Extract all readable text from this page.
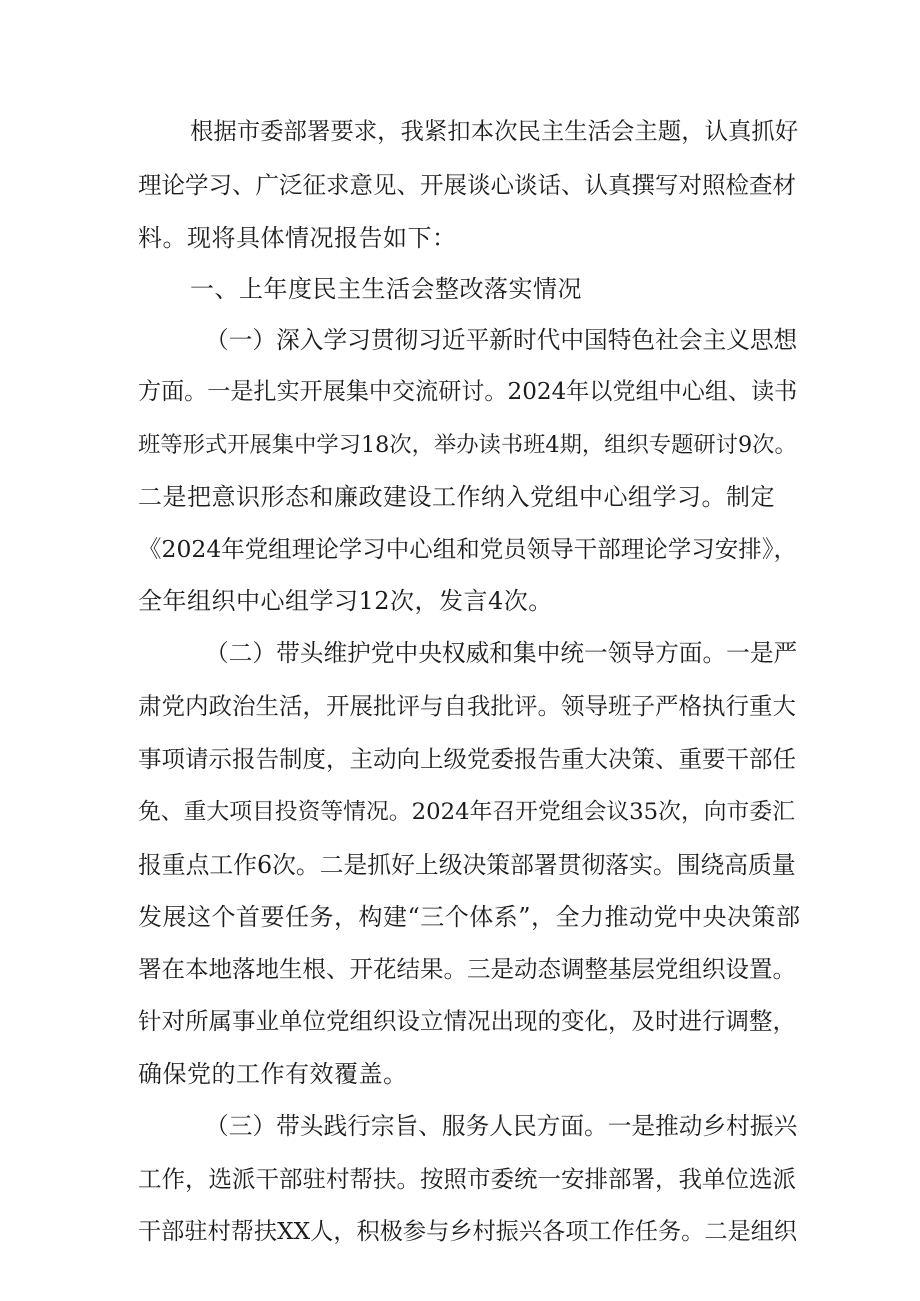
根据市委部署要求，我紧扣本次民主生活会主题，认真抓好
理论学习、广泛征求意见、开展谈心谈话、认真撰写对照检查材
料。现将具体情况报告如下：
一、上年度民主生活会整改落实情况
（一）深入学习贯彻习近平新时代中国特色社会主义思想
方面。一是扎实开展集中交流研讨。2024年以党组中心组、读书
班等形式开展集中学习18次，举办读书班4期，组织专题研讨9次。
二是把意识形态和廉政建设工作纳入党组中心组学习。制定
《2024年党组理论学习中心组和党员领导干部理论学习安排》，
全年组织中心组学习12次，发言4次。
（二）带头维护党中央权威和集中统一领导方面。一是严
肃党内政治生活，开展批评与自我批评。领导班子严格执行重大
事项请示报告制度，主动向上级党委报告重大决策、重要干部任
免、重大项目投资等情况。2024年召开党组会议35次，向市委汇
报重点工作6次。二是抓好上级决策部署贯彻落实。围绕高质量
发展这个首要任务，构建“三个体系”，全力推动党中央决策部
署在本地落地生根、开花结果。三是动态调整基层党组织设置。
针对所属事业单位党组织设立情况出现的变化，及时进行调整，
确保党的工作有效覆盖。
（三）带头践行宗旨、服务人民方面。一是推动乡村振兴
工作，选派干部驻村帮扶。按照市委统一安排部署，我单位选派
干部驻村帮扶XX人，积极参与乡村振兴各项工作任务。二是组织
